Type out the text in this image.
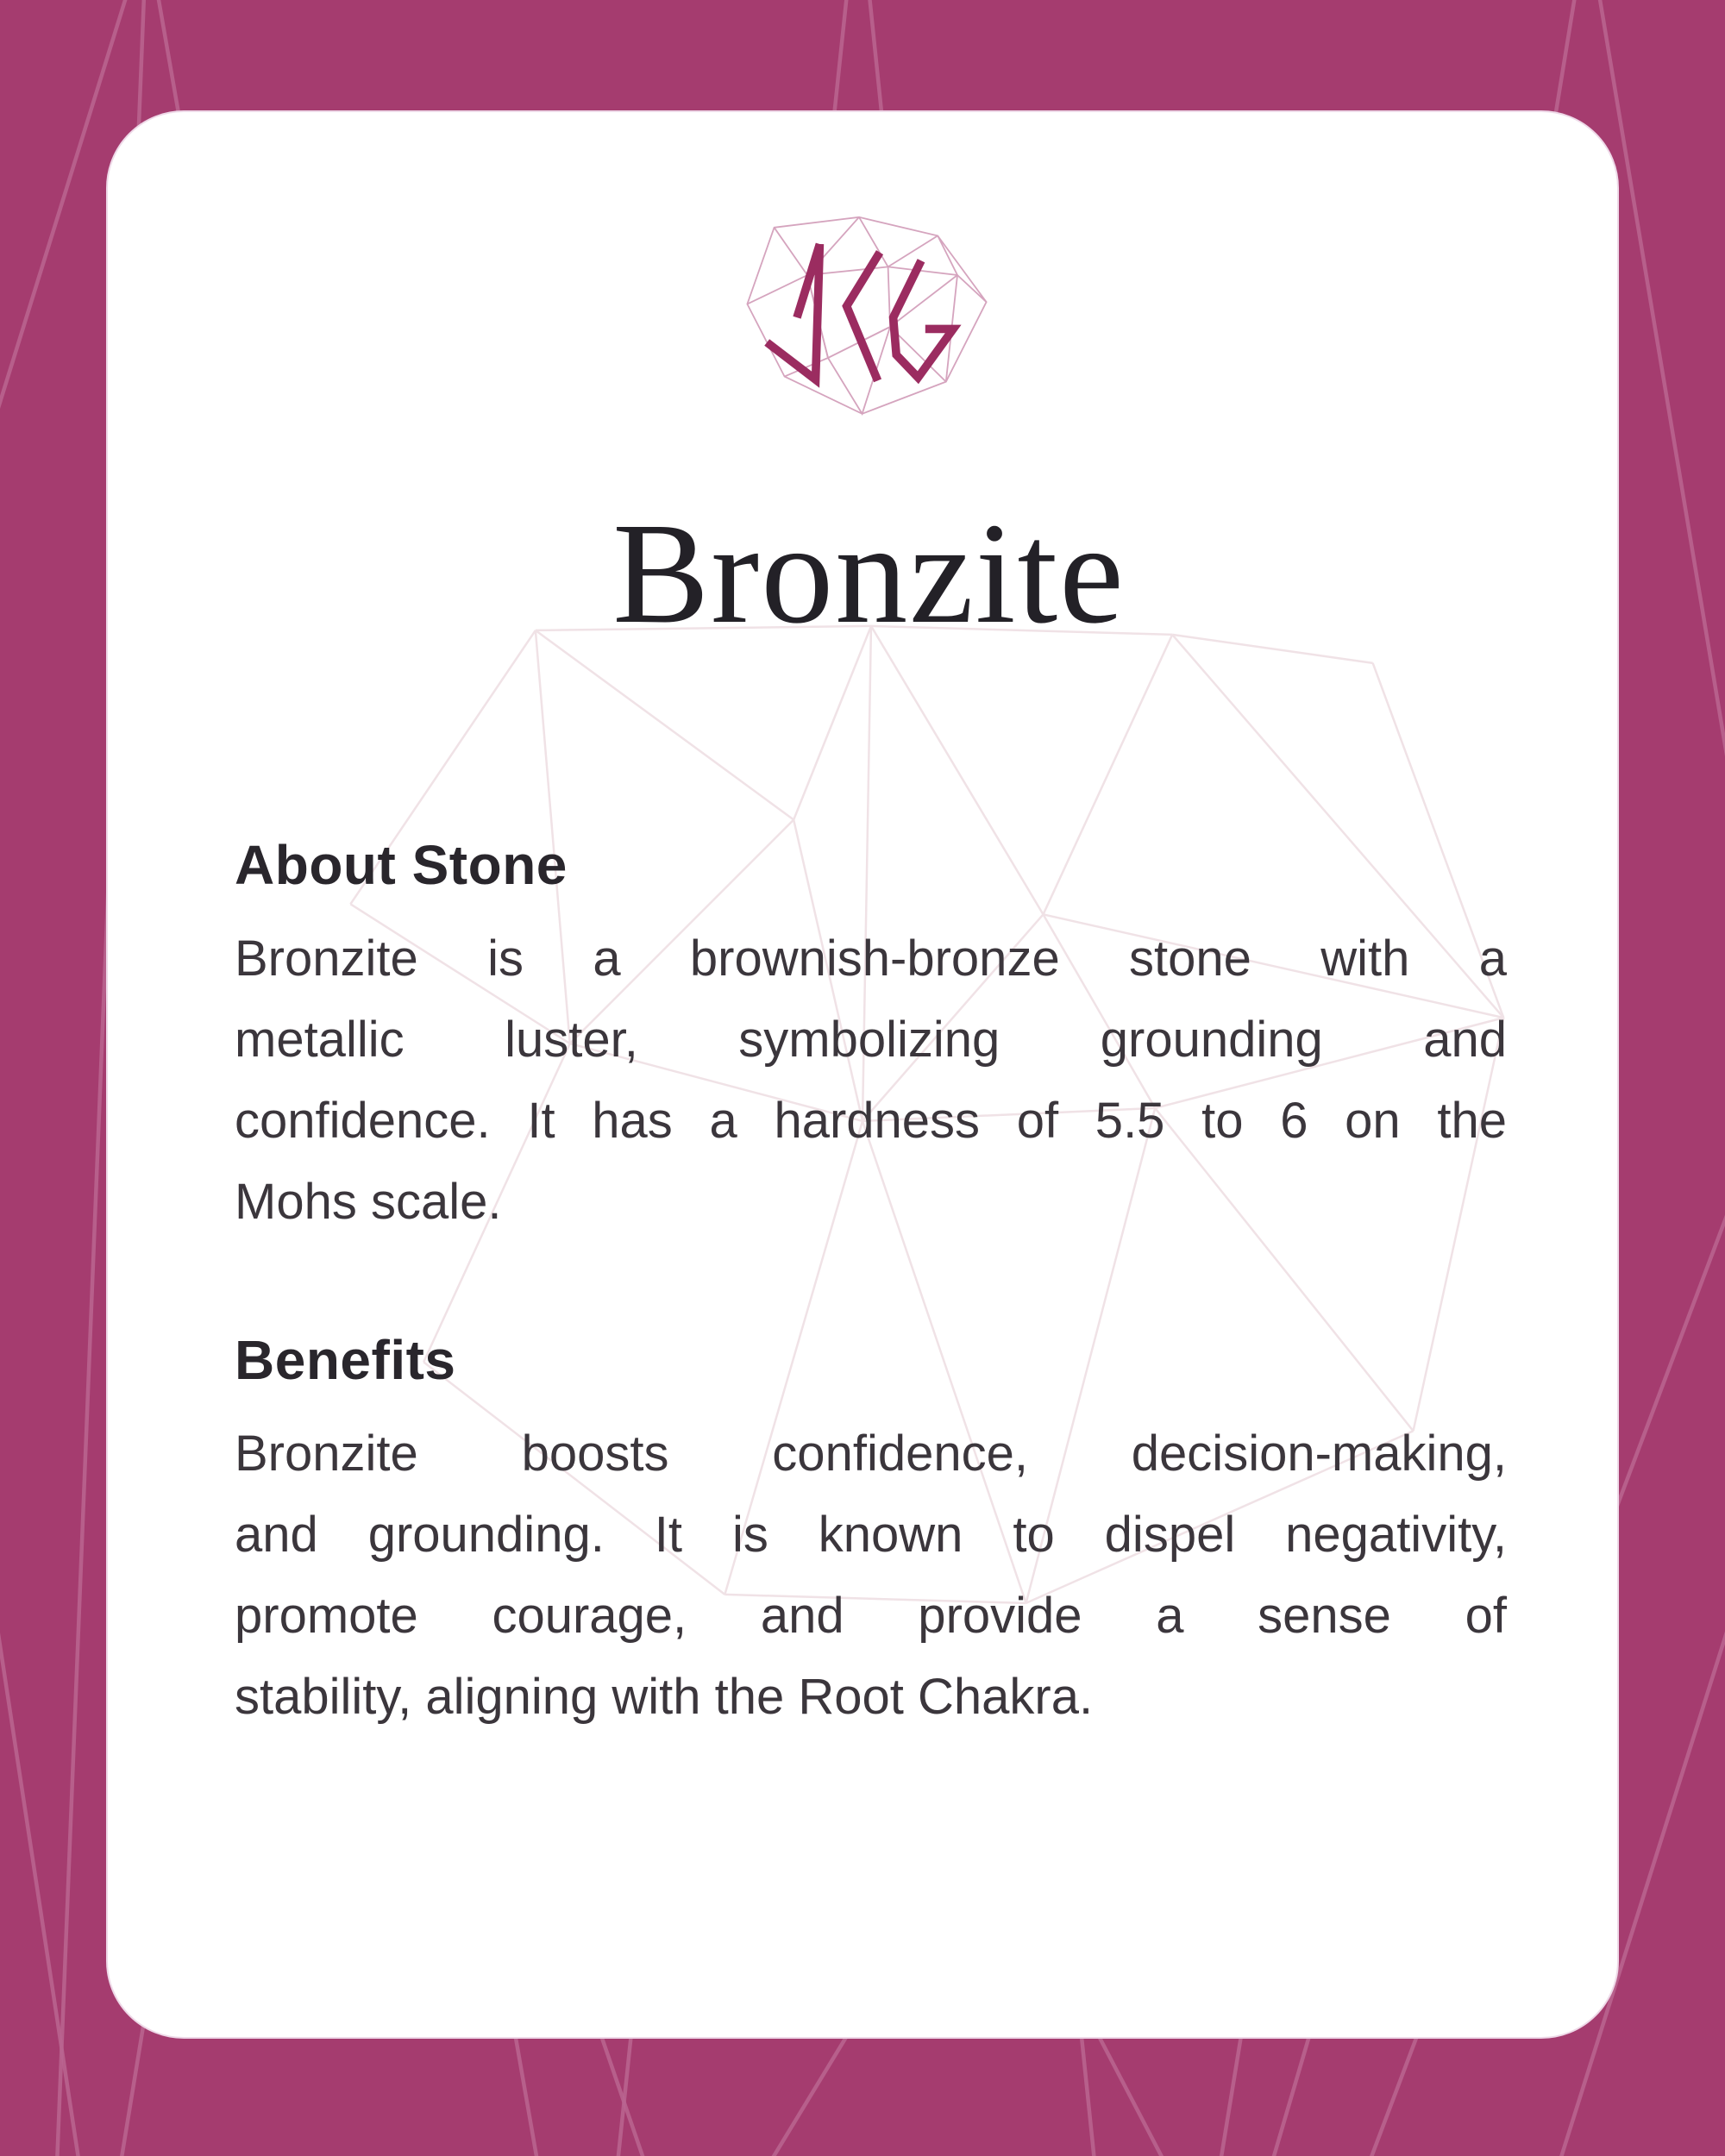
Bronzite
About Stone
Bronzite is a brownish-bronze stone with a
metallic luster, symbolizing grounding and
confidence. It has a hardness of 5.5 to 6 on the
Mohs scale.
Benefits
Bronzite boosts confidence, decision-making,
and grounding. It is known to dispel negativity,
promote courage, and provide a sense of
stability, aligning with the Root Chakra.
